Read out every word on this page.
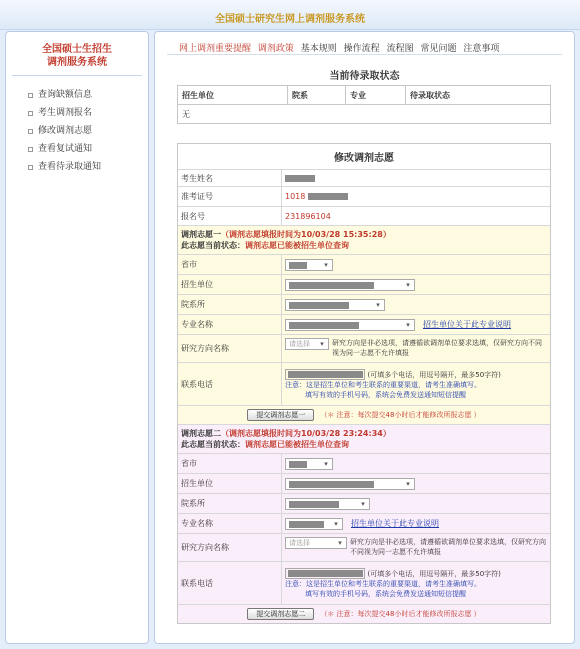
全国硕士研究生网上调剂服务系统
全国硕士生招生
调剂服务系统
查询缺额信息
考生调剂报名
修改调剂志愿
查看复试通知
查看待录取通知
网上调剂重要提醒 调剂政策 基本规则 操作流程 流程图 常见问题 注意事项
当前待录取状态
招生单位	院系	专业	待录取状态
无
修改调剂志愿
考生姓名
准考证号	1018

报名号	231896104
调剂志愿一（调剂志愿填报时间为10/03/28 15:35:28）
此志愿当前状态：调剂志愿已能被招生单位查询
省市	▾
招生单位	▾
院系所	▾
专业名称	▾	招生单位关于此专业说明
研究方向名称	请选择	▾	研究方向是非必选项，请遵循欲调剂单位要求选填，仅研究方向不同视为同一志愿不允许填报
联系电话
(可填多个电话，用逗号隔开，最多50字符)
注意：这是招生单位和考生联系的重要渠道，请考生准确填写。
填写有效的手机号码，系统会免费发送通知短信提醒
提交调剂志愿一	（＊ 注意：每次提交48小时后才能修改所报志愿 ）
调剂志愿二（调剂志愿填报时间为10/03/28 23:24:34）
此志愿当前状态：调剂志愿已能被招生单位查询
省市	▾
招生单位	▾
院系所	▾
专业名称	▾	招生单位关于此专业说明
研究方向名称	请选择	▾	研究方向是非必选项，请遵循欲调剂单位要求选填，仅研究方向不同视为同一志愿不允许填报
联系电话
(可填多个电话，用逗号隔开，最多50字符)
注意：这是招生单位和考生联系的重要渠道，请考生准确填写。
填写有效的手机号码，系统会免费发送通知短信提醒
提交调剂志愿二	（＊ 注意：每次提交48小时后才能修改所报志愿 ）
